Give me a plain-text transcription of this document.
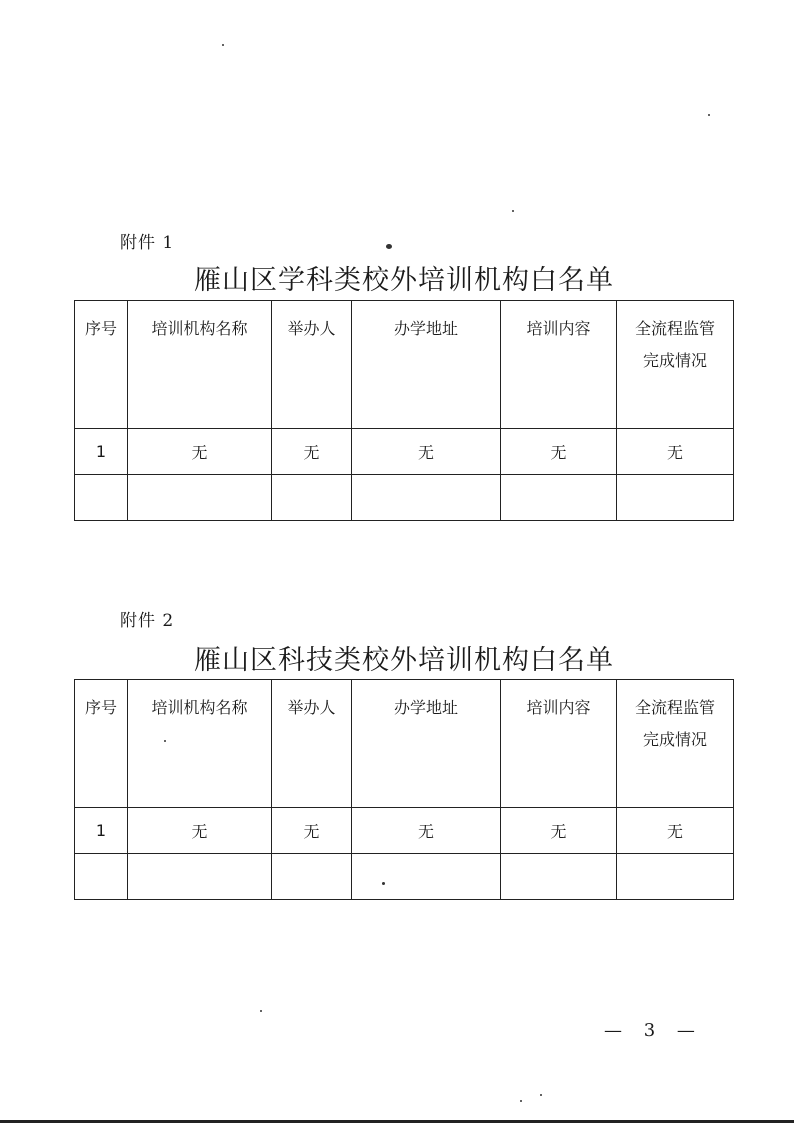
附件 1
雁山区学科类校外培训机构白名单
序号	培训机构名称	举办人	办学地址	培训内容	全流程监管
完成情况
1	无	无	无	无	无

附件 2
雁山区科技类校外培训机构白名单
序号	培训机构名称	举办人	办学地址	培训内容	全流程监管
完成情况
1	无	无	无	无	无

— 3 —
